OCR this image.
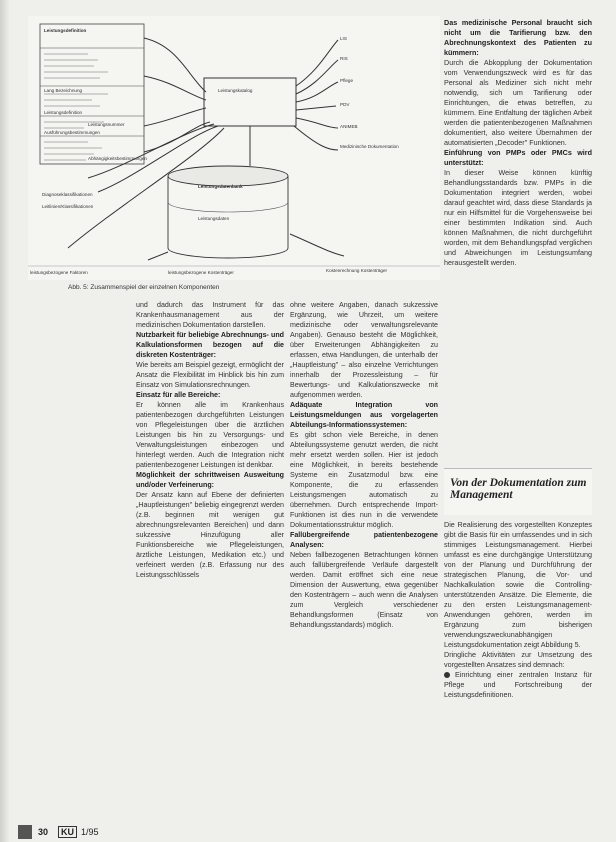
Leistungsdefinition
Lang Bezeichnung
Leistungsdefinition
Leistungsnummer
Ausführungsbestimmungen
Abhängigkeitsbestimmungen
Leistungskatalog
Leistungsdatenbank
Leistungsdaten
Diagnoseklassifikationen
Leitlinien/Klassifikationen
LIS
RIS
Pflege
PDV
ANIMEB
Medizinische Dokumentation
leistungsbezogene Faktoren	leistungsbezogene Kostenträger	Kostenrechnung Kostenträger
Abb. 5: Zusammenspiel der einzelnen Komponenten

und dadurch das Instrument für das Krankenhausmanagement aus der medizinischen Dokumentation darstellen.

Nutzbarkeit für beliebige Abrechnungs- und Kalkulationsformen bezogen auf die diskreten Kostenträger:

Wie bereits am Beispiel gezeigt, ermöglicht der Ansatz die Flexibilität im Hinblick bis hin zum Einsatz von Simulationsrechnungen.

Einsatz für alle Bereiche:

Er können alle im Krankenhaus patientenbezogen durchgeführten Leistungen von Pflegeleistungen über die ärztlichen Leistungen bis hin zu Versorgungs- und Verwaltungsleistungen einbezogen und hinterlegt werden. Auch die Integration nicht patientenbezogener Leistungen ist denkbar.

Möglichkeit der schrittweisen Ausweitung und/oder Verfeinerung:

Der Ansatz kann auf Ebene der definierten „Hauptleistungen" beliebig eingegrenzt werden (z.B. beginnen mit wenigen gut abrechnungsrelevanten Bereichen) und dann sukzessive Hinzufügung aller Funktionsbereiche wie Pflegeleistungen, ärztliche Leistungen, Medikation etc.) und verfeinert werden (z.B. Erfassung nur des Leistungsschlüssels

ohne weitere Angaben, danach sukzessive Ergänzung, wie Uhrzeit, um weitere medizinische oder verwaltungsrelevante Angaben). Genauso besteht die Möglichkeit, über Erweiterungen Abhängigkeiten zu erfassen, etwa Handlungen, die unterhalb der „Hauptleistung" – also einzelne Verrichtungen innerhalb der Prozessleistung – für Bewertungs- und Kalkulationszwecke mit aufgenommen werden.

Adäquate Integration von Leistungsmeldungen aus vorgelagerten Abteilungs-Informationssystemen:

Es gibt schon viele Bereiche, in denen Abteilungssysteme genutzt werden, die nicht mehr ersetzt werden sollen. Hier ist jedoch eine Möglichkeit, in bereits bestehende Systeme ein Zusatzmodul bzw. eine Komponente, die zu erfassenden Leistungsmengen automatisch zu übernehmen. Durch entsprechende Import-Funktionen ist dies nun in die verwendete Dokumentationsstruktur möglich.

Fallübergreifende patientenbezogene Analysen:

Neben fallbezogenen Betrachtungen können auch fallübergreifende Verläufe dargestellt werden. Damit eröffnet sich eine neue Dimension der Auswertung, etwa gegenüber den Kostenträgern – auch wenn die Analysen zum Vergleich verschiedener Behandlungsformen (Einsatz von Behandlungsstandards) möglich.

Das medizinische Personal braucht sich nicht um die Tarifierung bzw. den Abrechnungskontext des Patienten zu kümmern:

Durch die Abkopplung der Dokumentation vom Verwendungszweck wird es für das Personal als Mediziner sich nicht mehr notwendig, sich um Tarifierung oder Einrichtungen, die etwas betreffen, zu kümmern. Eine Entfaltung der täglichen Arbeit werden die patientenbezogenen Maßnahmen dokumentiert, also weitere Übernahmen der automatisierten „Decoder" Funktionen.

Einführung von PMPs oder PMCs wird unterstützt:

In dieser Weise können künftig Behandlungsstandards bzw. PMPs in die Dokumentation integriert werden, wobei darauf geachtet wird, dass diese Standards ja nur ein Hilfsmittel für die Vorgehensweise bei einer bestimmten Indikation sind. Auch können Maßnahmen, die nicht durchgeführt worden, mit dem Behandlungspfad verglichen und Abweichungen im Leistungsumfang herausgestellt werden.

Von der Dokumentation zum Management

Die Realisierung des vorgestellten Konzeptes gibt die Basis für ein umfassendes und in sich stimmiges Leistungsmanagement. Hierbei umfasst es eine durchgängige Unterstützung von der Planung und Durchführung der strategischen Planung, die Vor- und Nachkalkulation sowie die Controlling-unterstützenden Ansätze. Die Elemente, die zu den ersten Leistungsmanagement-Anwendungen gehören, werden im Ergänzung zum bisherigen verwendungszweckunabhängigen Leistungsdokumentation zeigt Abbildung 5.

Dringliche Aktivitäten zur Umsetzung des vorgestellten Ansatzes sind demnach:

Einrichtung einer zentralen Instanz für Pflege und Fortschreibung der Leistungsdefinitionen.

30	KU 1/95
